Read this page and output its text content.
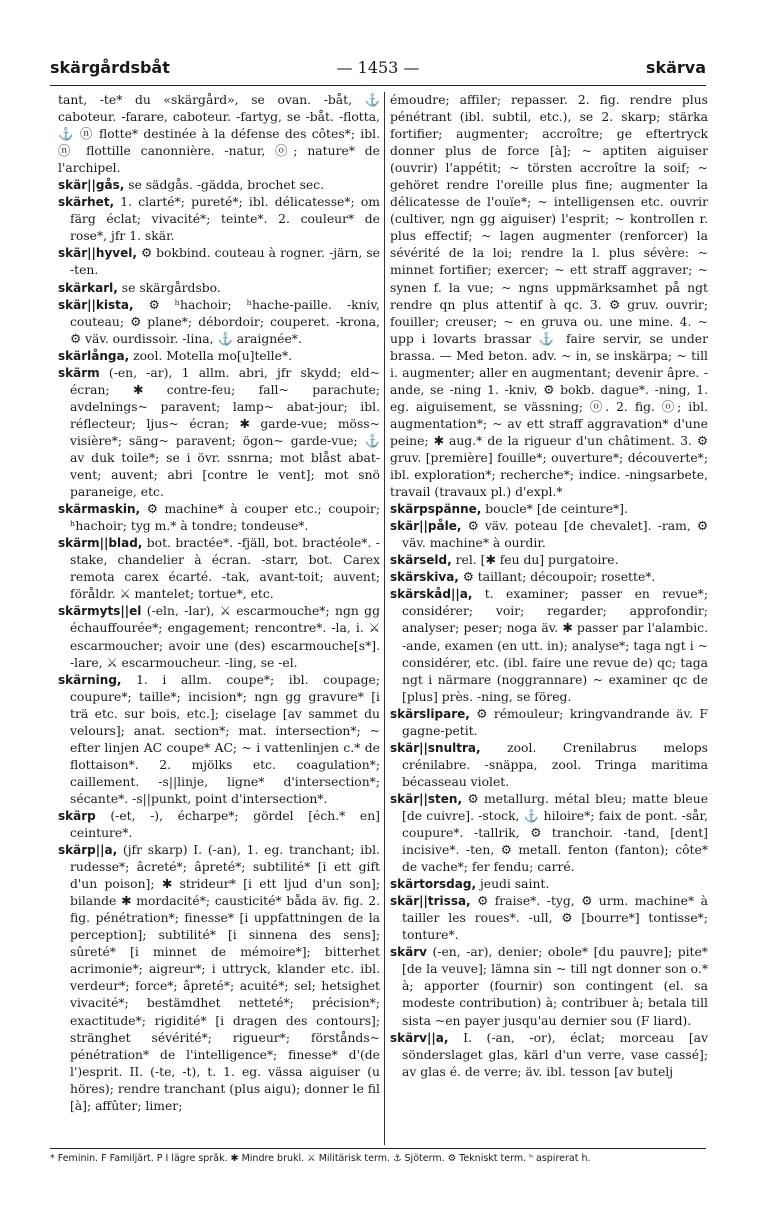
skärgårdsbåt	— 1453 —	skärva

tant, -te* du «skärgård», se ovan. -båt, ⚓ caboteur. -farare, caboteur. -fartyg, se -båt. -flotta, ⚓ ⓝ flotte* destinée à la défense des côtes*; ibl. ⓝ flottille canonnière. -natur, ⓞ; nature* de l'archipel.

skär||gås, se sädgås. -gädda, brochet sec.

skärhet, 1. clarté*; pureté*; ibl. délicatesse*; om färg éclat; vivacité*; teinte*. 2. couleur* de rose*, jfr 1. skär.

skär||hyvel, ⚙ bokbind. couteau à rogner. -järn, se -ten.

skärkarl, se skärgårdsbo.

skär||kista, ⚙ ʰhachoir; ʰhache-paille. -kniv, couteau; ⚙ plane*; débordoir; couperet. -krona, ⚙ väv. ourdissoir. -lina, ⚓ araignée*.

skärlånga, zool. Motella mo[u]telle*.

skärm (-en, -ar), 1 allm. abri, jfr skydd; eld~ écran; ✱ contre-feu; fall~ parachute; avdelnings~ paravent; lamp~ abat-jour; ibl. réflecteur; ljus~ écran; ✱ garde-vue; möss~ visière*; säng~ paravent; ögon~ garde-vue; ⚓ av duk toile*; se i övr. ssnrna; mot blåst abat-vent; auvent; abri [contre le vent]; mot snö paraneige, etc.

skärmaskin, ⚙ machine* à couper etc.; coupoir; ʰhachoir; tyg m.* à tondre; tondeuse*.

skärm||blad, bot. bractée*. -fjäll, bot. bractéole*. -stake, chandelier à écran. -starr, bot. Carex remota carex écarté. -tak, avant-toit; auvent; föråldr. ⚔ mantelet; tortue*, etc.

skärmyts||el (-eln, -lar), ⚔ escarmouche*; ngn gg échauffourée*; engagement; rencontre*. -la, i. ⚔ escarmoucher; avoir une (des) escarmouche[s*]. -lare, ⚔ escarmoucheur. -ling, se -el.

skärning, 1. i allm. coupe*; ibl. coupage; coupure*; taille*; incision*; ngn gg gravure* [i trä etc. sur bois, etc.]; ciselage [av sammet du velours]; anat. section*; mat. intersection*; ~ efter linjen AC coupe* AC; ~ i vattenlinjen c.* de flottaison*. 2. mjölks etc. coagulation*; caillement. -s||linje, ligne* d'intersection*; sécante*. -s||punkt, point d'intersection*.

skärp (-et, -), écharpe*; gördel [éch.* en] ceinture*.

skärp||a, (jfr skarp) I. (-an), 1. eg. tranchant; ibl. rudesse*; âcreté*; âpreté*; subtilité* [i ett gift d'un poison]; ✱ strideur* [i ett ljud d'un son]; bilande ✱ mordacité*; causticité* båda äv. fig. 2. fig. pénétration*; finesse* [i uppfattningen de la perception]; subtilité* [i sinnena des sens]; sûreté* [i minnet de mémoire*]; bitterhet acrimonie*; aigreur*; i uttryck, klander etc. ibl. verdeur*; force*; âpreté*; acuité*; sel; hetsighet vivacité*; bestämdhet netteté*; précision*; exactitude*; rigidité* [i dragen des contours]; stränghet sévérité*; rigueur*; förstånds~ pénétration* de l'intelligence*; finesse* d'(de l')esprit. II. (-te, -t), t. 1. eg. vässa aiguiser (u höres); rendre tranchant (plus aigu); donner le fil [à]; affûter; limer;

émoudre; affiler; repasser. 2. fig. rendre plus pénétrant (ibl. subtil, etc.), se 2. skarp; stärka fortifier; augmenter; accroître; ge eftertryck donner plus de force [à]; ~ aptiten aiguiser (ouvrir) l'appétit; ~ törsten accroître la soif; ~ gehöret rendre l'oreille plus fine; augmenter la délicatesse de l'ouïe*; ~ intelligensen etc. ouvrir (cultiver, ngn gg aiguiser) l'esprit; ~ kontrollen r. plus effectif; ~ lagen augmenter (renforcer) la sévérité de la loi; rendre la l. plus sévère: ~ minnet fortifier; exercer; ~ ett straff aggraver; ~ synen f. la vue; ~ ngns uppmärksamhet på ngt rendre qn plus attentif à qc. 3. ⚙ gruv. ouvrir; fouiller; creuser; ~ en gruva ou. une mine. 4. ~ upp i lovarts brassar ⚓ faire servir, se under brassa. — Med beton. adv. ~ in, se inskärpa; ~ till i. augmenter; aller en augmentant; devenir âpre. -ande, se -ning 1. -kniv, ⚙ bokb. dague*. -ning, 1. eg. aiguisement, se vässning; ⓞ. 2. fig. ⓞ; ibl. augmentation*; ~ av ett straff aggravation* d'une peine; ✱ aug.* de la rigueur d'un châtiment. 3. ⚙ gruv. [première] fouille*; ouverture*; découverte*; ibl. exploration*; recherche*; indice. -ningsarbete, travail (travaux pl.) d'expl.*

skärpspänne, boucle* [de ceinture*].

skär||påle, ⚙ väv. poteau [de chevalet]. -ram, ⚙ väv. machine* à ourdir.

skärseld, rel. [✱ feu du] purgatoire.

skärskiva, ⚙ taillant; découpoir; rosette*.

skärskåd||a, t. examiner; passer en revue*; considérer; voir; regarder; approfondir; analyser; peser; noga äv. ✱ passer par l'alambic. -ande, examen (en utt. in); analyse*; taga ngt i ~ considérer, etc. (ibl. faire une revue de) qc; taga ngt i närmare (noggrannare) ~ examiner qc de [plus] près. -ning, se föreg.

skärslipare, ⚙ rémouleur; kringvandrande äv. F gagne-petit.

skär||snultra, zool. Crenilabrus melops crénilabre. -snäppa, zool. Tringa maritima bécasseau violet.

skär||sten, ⚙ metallurg. métal bleu; matte bleue [de cuivre]. -stock, ⚓ hiloire*; faix de pont. -sår, coupure*. -tallrik, ⚙ tranchoir. -tand, [dent] incisive*. -ten, ⚙ metall. fenton (fanton); côte* de vache*; fer fendu; carré.

skärtorsdag, jeudi saint.

skär||trissa, ⚙ fraise*. -tyg, ⚙ urm. machine* à tailler les roues*. -ull, ⚙ [bourre*] tontisse*; tonture*.

skärv (-en, -ar), denier; obole* [du pauvre]; pite* [de la veuve]; lämna sin ~ till ngt donner son o.* à; apporter (fournir) son contingent (el. sa modeste contribution) à; contribuer à; betala till sista ~en payer jusqu'au dernier sou (F liard).

skärv||a, I. (-an, -or), éclat; morceau [av sönderslaget glas, kärl d'un verre, vase cassé]; av glas é. de verre; äv. ibl. tesson [av butelj

* Feminin. F Familjärt. P I lägre språk. ✱ Mindre brukl. ⚔ Militärisk term. ⚓ Sjöterm. ⚙ Tekniskt term. ʰ aspirerat h.
